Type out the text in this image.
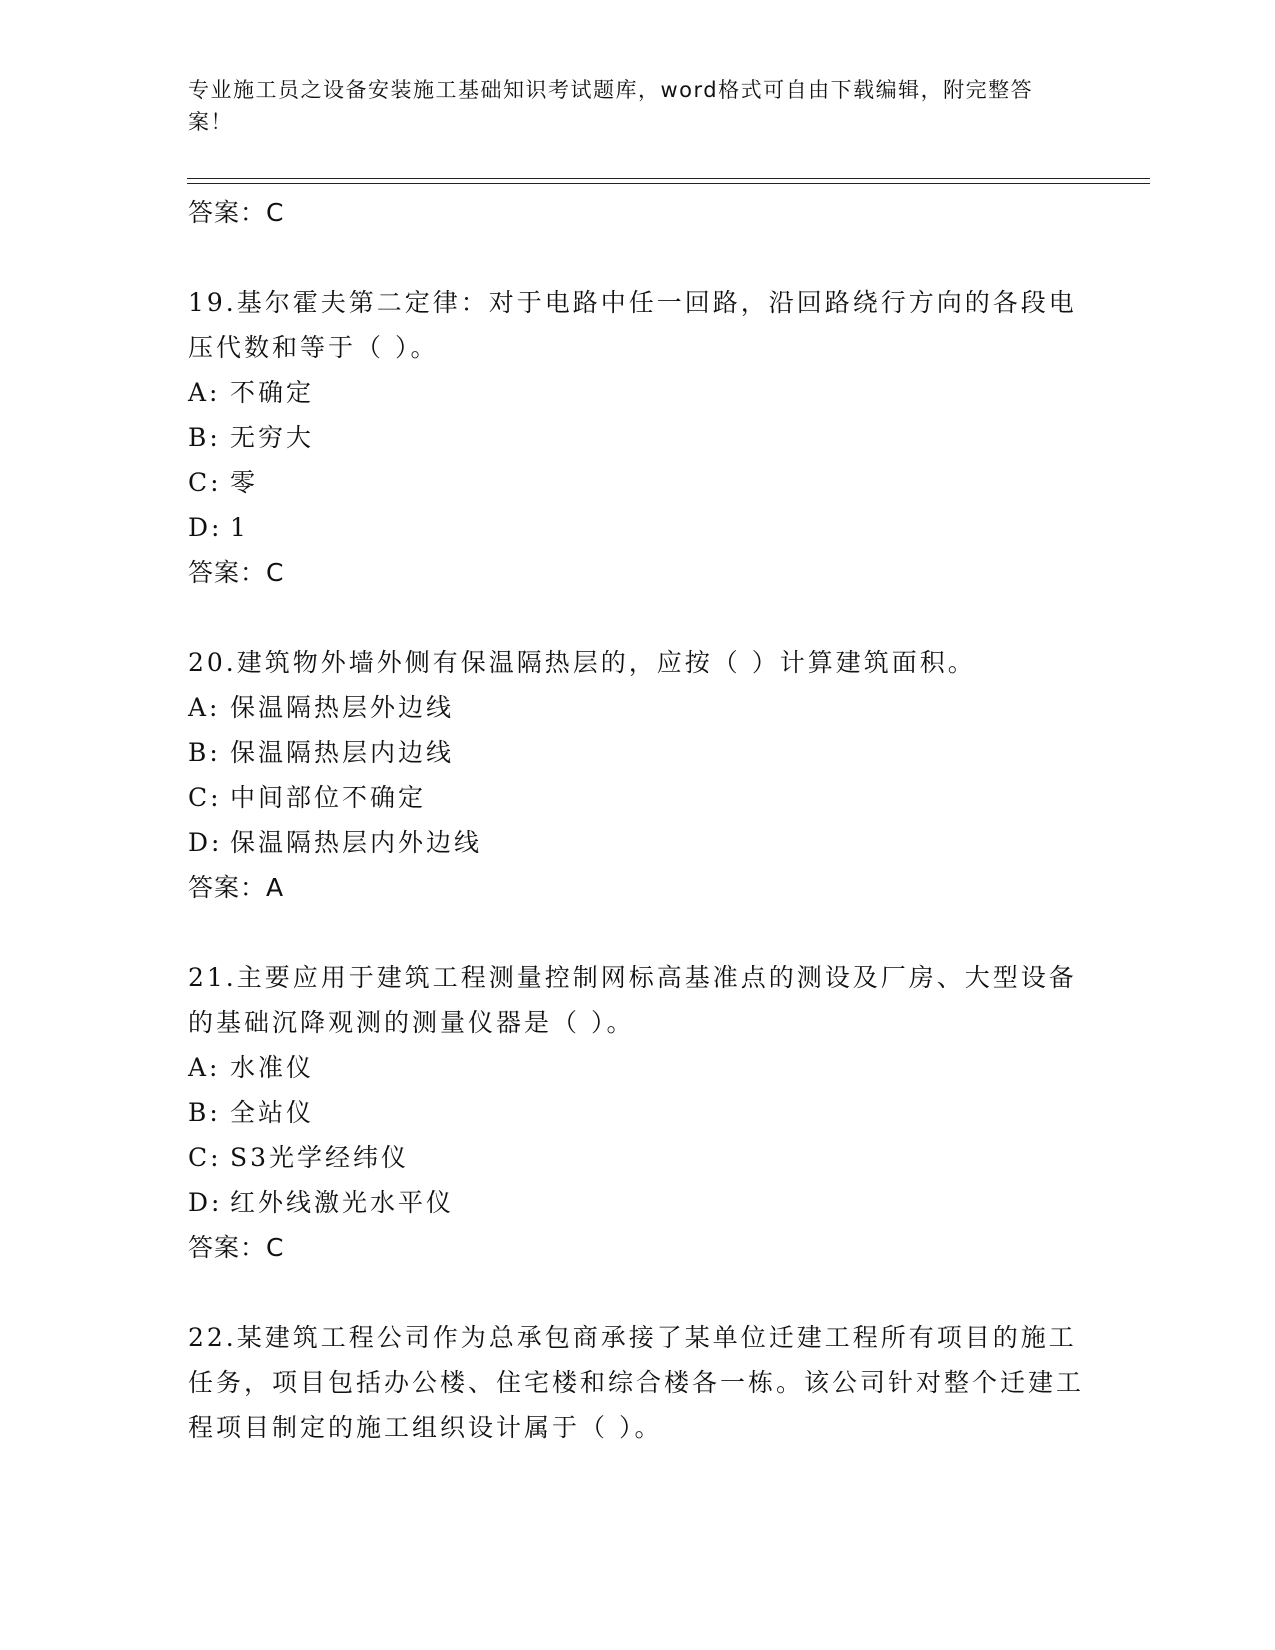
专业施工员之设备安装施工基础知识考试题库，word格式可自由下载编辑，附完整答案！
答案：C
19.基尔霍夫第二定律：对于电路中任一回路，沿回路绕行方向的各段电压代数和等于（ ）。
A: 不确定
B: 无穷大
C: 零
D: 1
答案：C
20.建筑物外墙外侧有保温隔热层的，应按（ ）计算建筑面积。
A: 保温隔热层外边线
B: 保温隔热层内边线
C: 中间部位不确定
D: 保温隔热层内外边线
答案：A
21.主要应用于建筑工程测量控制网标高基准点的测设及厂房、大型设备的基础沉降观测的测量仪器是（ ）。
A: 水准仪
B: 全站仪
C: S3光学经纬仪
D: 红外线激光水平仪
答案：C
22.某建筑工程公司作为总承包商承接了某单位迁建工程所有项目的施工任务，项目包括办公楼、住宅楼和综合楼各一栋。该公司针对整个迁建工程项目制定的施工组织设计属于（ ）。
